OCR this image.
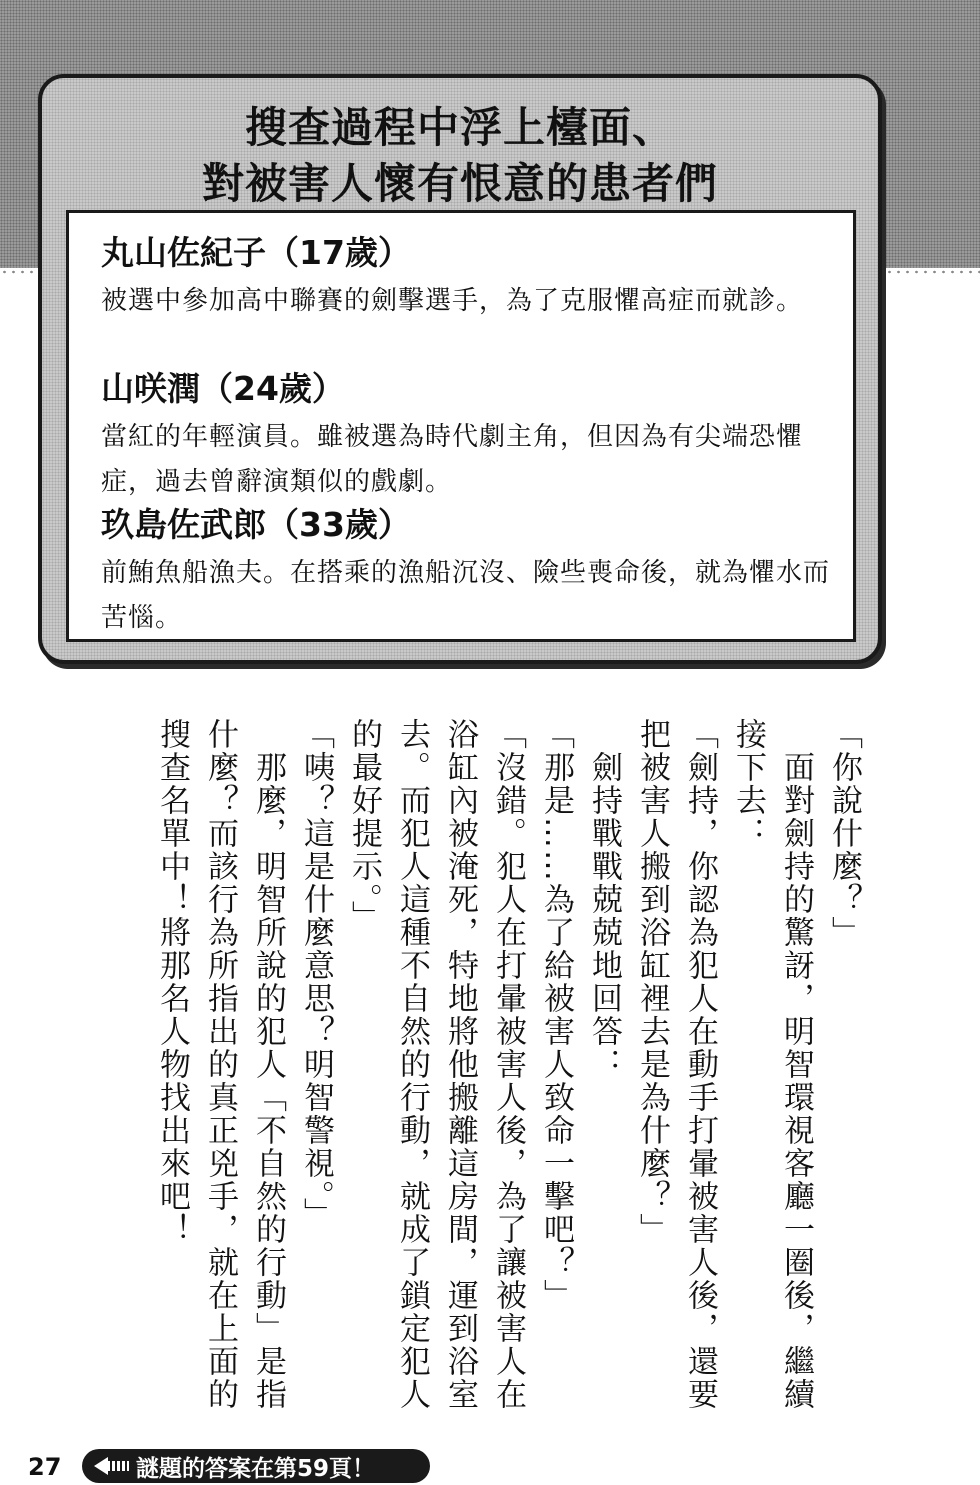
搜查過程中浮上檯面、
對被害人懷有恨意的患者們
丸山佐紀子（17歲）
被選中參加高中聯賽的劍擊選手，為了克服懼高症而就診。
山咲潤（24歲）
當紅的年輕演員。雖被選為時代劇主角，但因為有尖端恐懼症，過去曾辭演類似的戲劇。
玖島佐武郎（33歲）
前鮪魚船漁夫。在搭乘的漁船沉沒、險些喪命後，就為懼水而苦惱。

「你說什麼？」

　面對劍持的驚訝，明智環視客廳一圈後，繼續接下去：

「劍持，你認為犯人在動手打暈被害人後，還要把被害人搬到浴缸裡去是為什麼？」

　劍持戰戰兢兢地回答：

「那是……為了給被害人致命一擊吧？」

「沒錯。犯人在打暈被害人後，為了讓被害人在浴缸內被淹死，特地將他搬離這房間，運到浴室去。而犯人這種不自然的行動，就成了鎖定犯人的最好提示。」

「咦？這是什麼意思？明智警視。」

　那麼，明智所說的犯人「不自然的行動」是指什麼？而該行為所指出的真正兇手，就在上面的搜查名單中！將那名人物找出來吧！

27	謎題的答案在第59頁！
